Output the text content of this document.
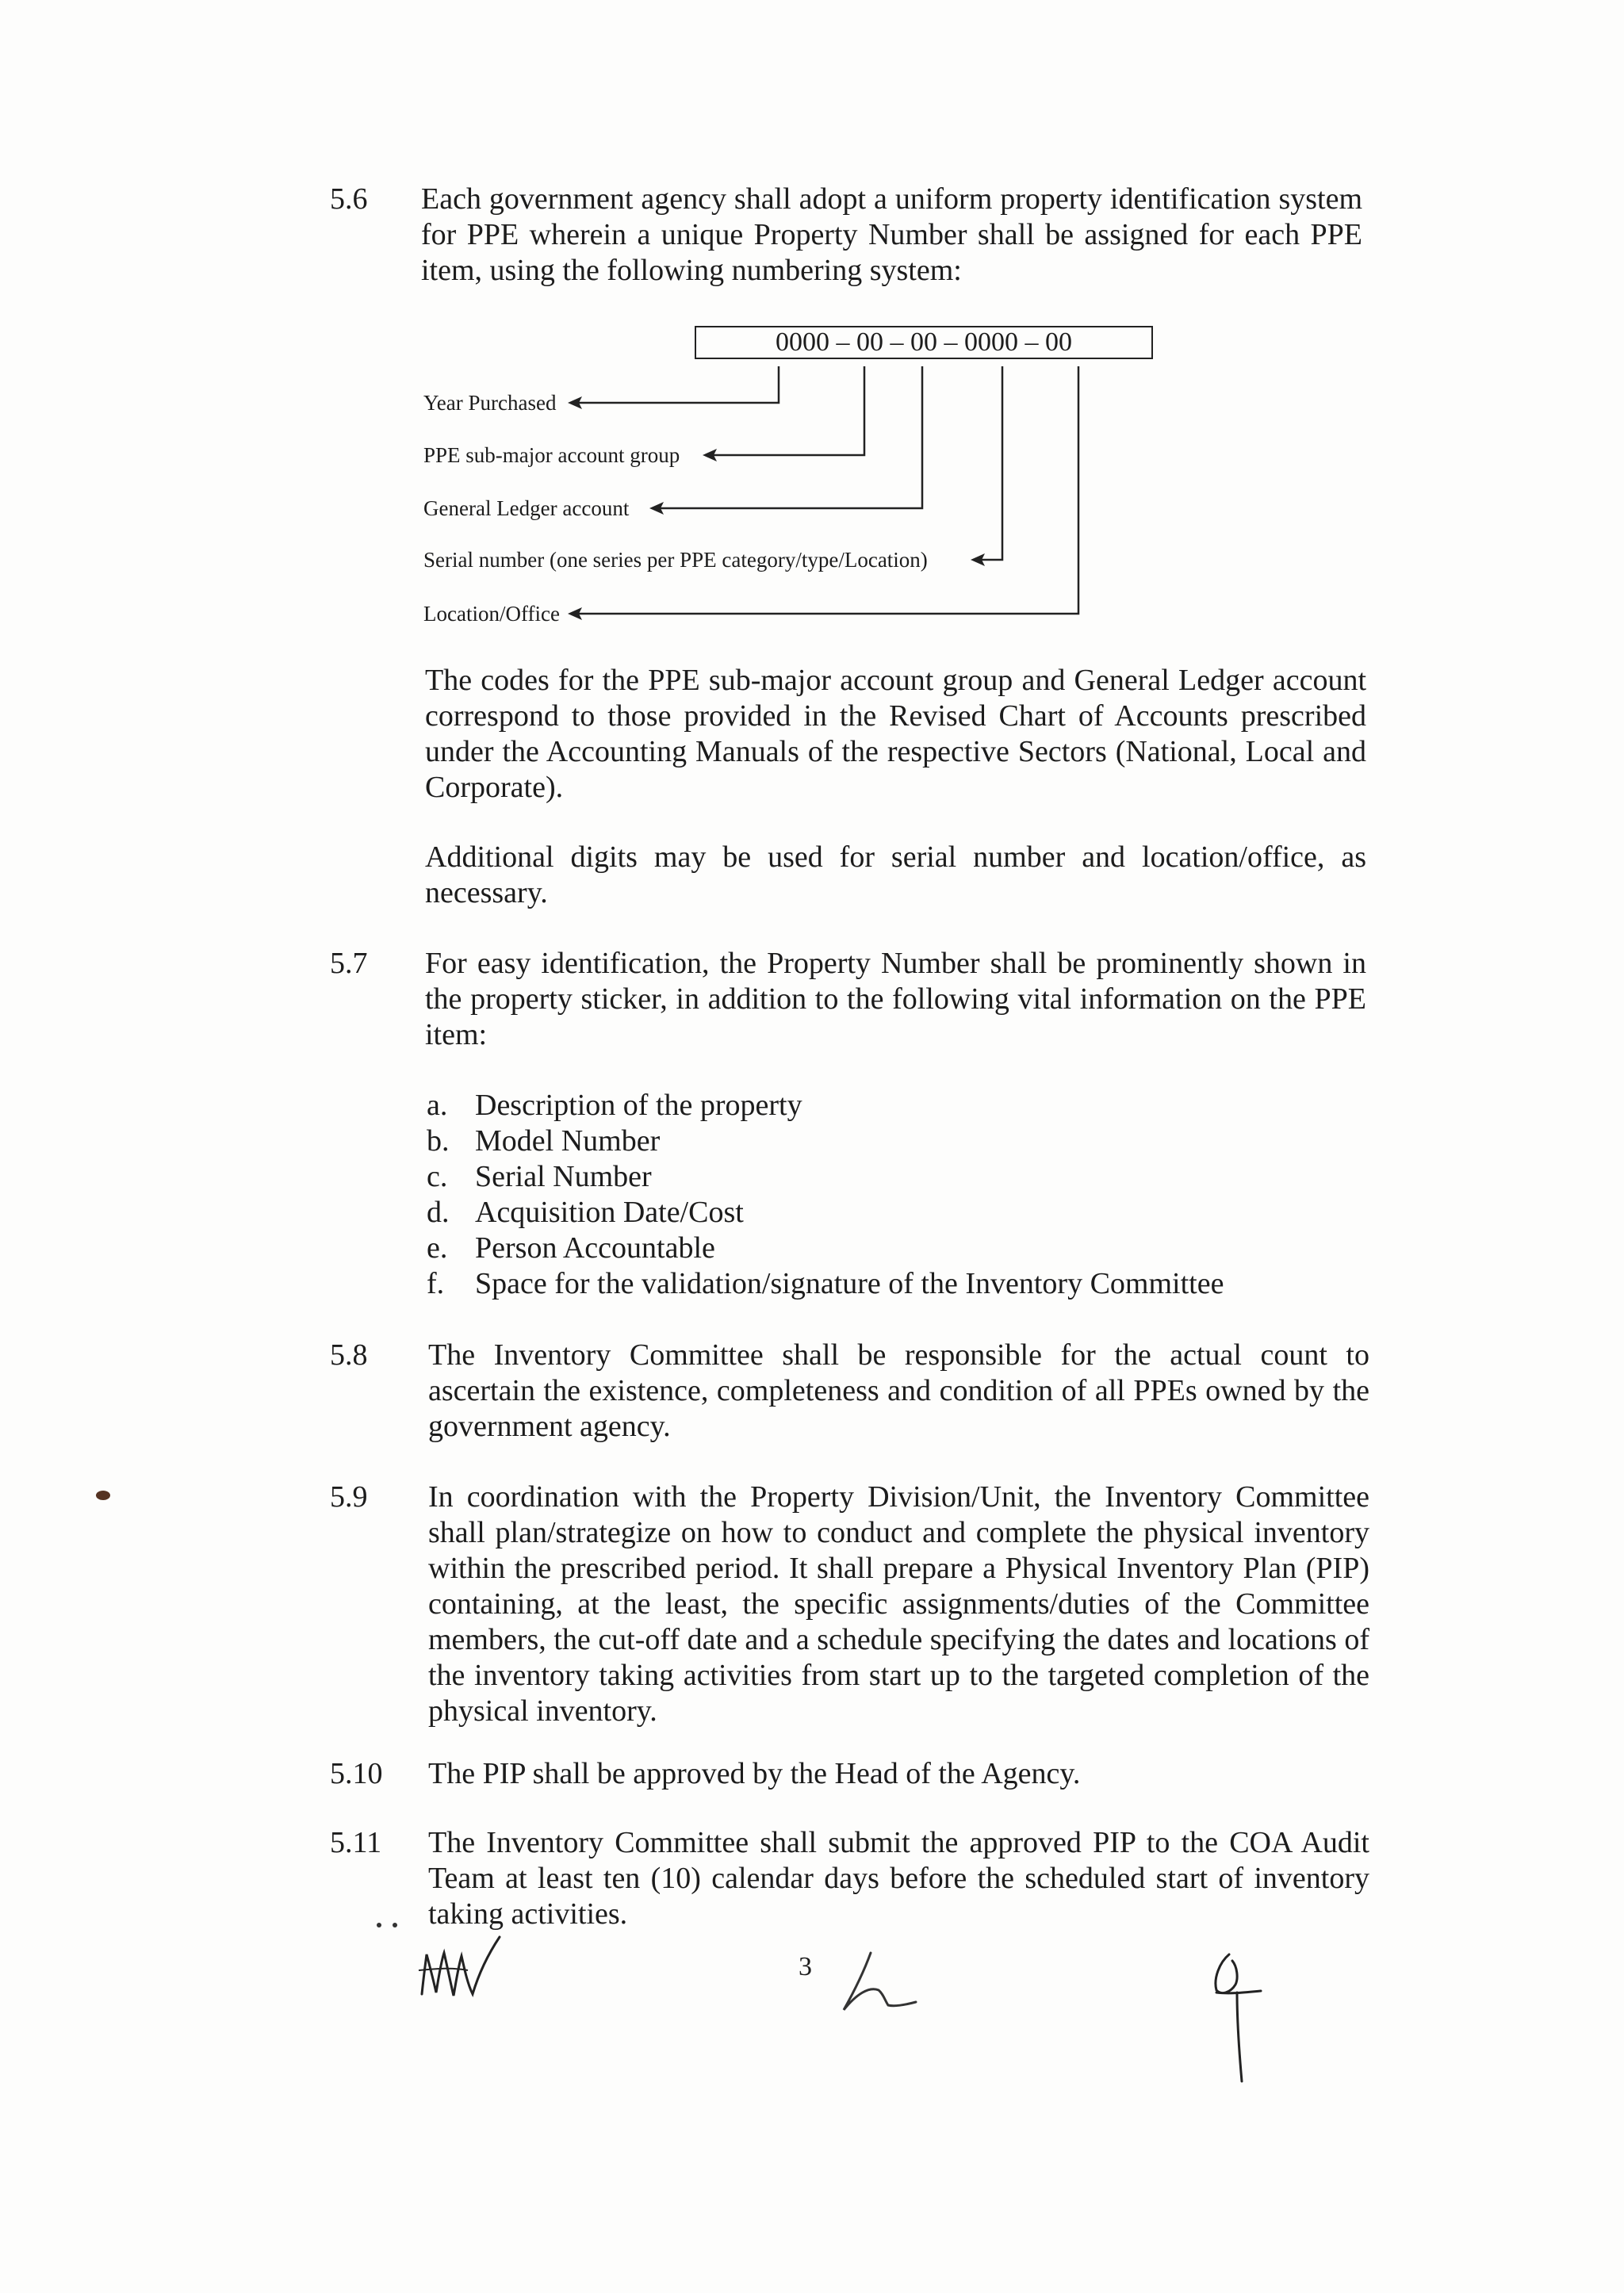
5.6 Each government agency shall adopt a uniform property identification system for PPE wherein a unique Property Number shall be assigned for each PPE item, using the following numbering system:
0000 – 00 – 00 – 0000 – 00
Year Purchased
PPE sub-major account group
General Ledger account
Serial number (one series per PPE category/type/Location)
Location/Office
The codes for the PPE sub-major account group and General Ledger account correspond to those provided in the Revised Chart of Accounts prescribed under the Accounting Manuals of the respective Sectors (National, Local and Corporate).
Additional digits may be used for serial number and location/office, as necessary.
5.7 For easy identification, the Property Number shall be prominently shown in the property sticker, in addition to the following vital information on the PPE item:
a. Description of the property
b. Model Number
c. Serial Number
d. Acquisition Date/Cost
e. Person Accountable
f.	Space for the validation/signature of the Inventory Committee
5.8 The Inventory Committee shall be responsible for the actual count to ascertain the existence, completeness and condition of all PPEs owned by the government agency.
5.9 In coordination with the Property Division/Unit, the Inventory Committee shall plan/strategize on how to conduct and complete the physical inventory within the prescribed period. It shall prepare a Physical Inventory Plan (PIP) containing, at the least, the specific assignments/duties of the Committee members, the cut-off date and a schedule specifying the dates and locations of the inventory taking activities from start up to the targeted completion of the physical inventory.
5.10 The PIP shall be approved by the Head of the Agency.
5.11 The Inventory Committee shall submit the approved PIP to the COA Audit Team at least ten (10) calendar days before the scheduled start of inventory taking activities.
3
